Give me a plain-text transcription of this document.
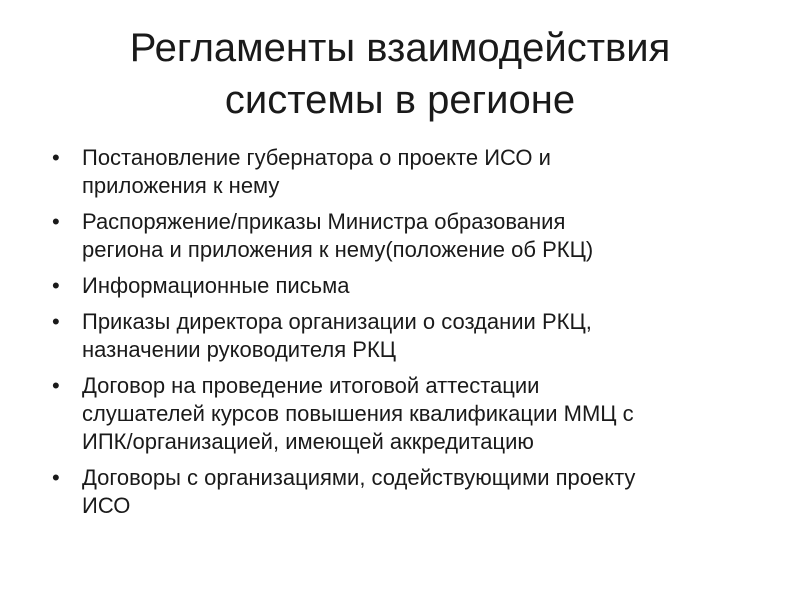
Регламенты взаимодействия
системы в регионе
• Постановление губернатора о проекте ИСО и
приложения к нему
• Распоряжение/приказы Министра образования
региона и приложения к нему(положение об РКЦ)
• Информационные письма
• Приказы директора организации о создании РКЦ,
назначении руководителя РКЦ
• Договор на проведение итоговой аттестации
слушателей курсов повышения квалификации ММЦ с
ИПК/организацией, имеющей аккредитацию
• Договоры с организациями, содействующими проекту
ИСО
